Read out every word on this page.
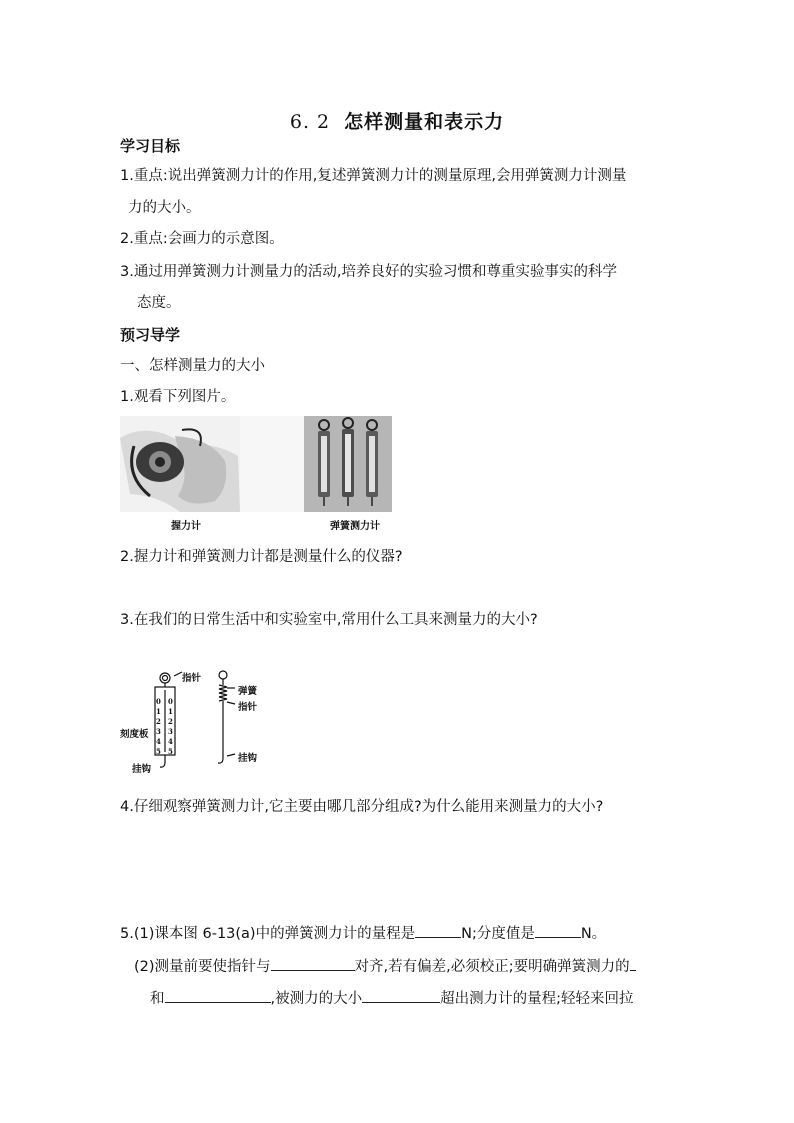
6. 2 怎样测量和表示力
学习目标
1.重点:说出弹簧测力计的作用,复述弹簧测力计的测量原理,会用弹簧测力计测量
力的大小。
2.重点:会画力的示意图。
3.通过用弹簧测力计测量力的活动,培养良好的实验习惯和尊重实验事实的科学
态度。
预习导学
一、怎样测量力的大小
1.观看下列图片。
握力计	弹簧测力计
2.握力计和弹簧测力计都是测量什么的仪器?
3.在我们的日常生活中和实验室中,常用什么工具来测量力的大小?
0 0
1 1
2 2
3 3
4 4
5 5
指针
刻度板
挂钩
弹簧
指针
挂钩
4.仔细观察弹簧测力计,它主要由哪几部分组成?为什么能用来测量力的大小?
5.(1)课本图 6-13(a)中的弹簧测力计的量程是	N;分度值是	N。
(2)测量前要使指针与	对齐,若有偏差,必须校正;要明确弹簧测力的
和	,被测力的大小	超出测力计的量程;轻轻来回拉
